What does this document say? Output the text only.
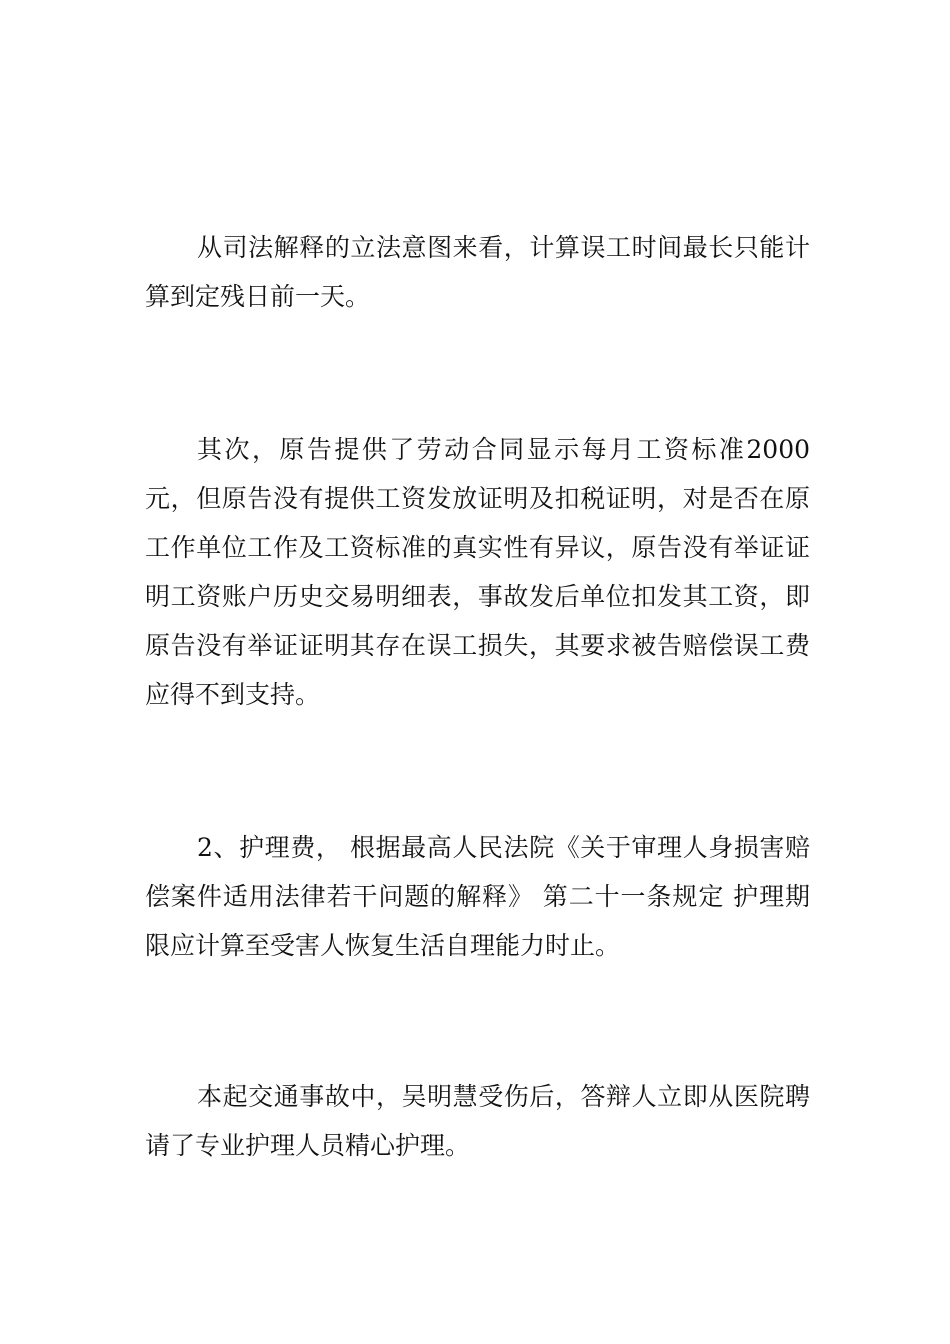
从司法解释的立法意图来看，计算误工时间最长只能计算到定残日前一天。

其次，原告提供了劳动合同显示每月工资标准2000元，但原告没有提供工资发放证明及扣税证明，对是否在原工作单位工作及工资标准的真实性有异议，原告没有举证证明工资账户历史交易明细表，事故发后单位扣发其工资，即原告没有举证证明其存在误工损失，其要求被告赔偿误工费应得不到支持。

2、护理费， 根据最高人民法院《关于审理人身损害赔偿案件适用法律若干问题的解释》 第二十一条规定 护理期限应计算至受害人恢复生活自理能力时止。

本起交通事故中，吴明慧受伤后，答辩人立即从医院聘请了专业护理人员精心护理。
